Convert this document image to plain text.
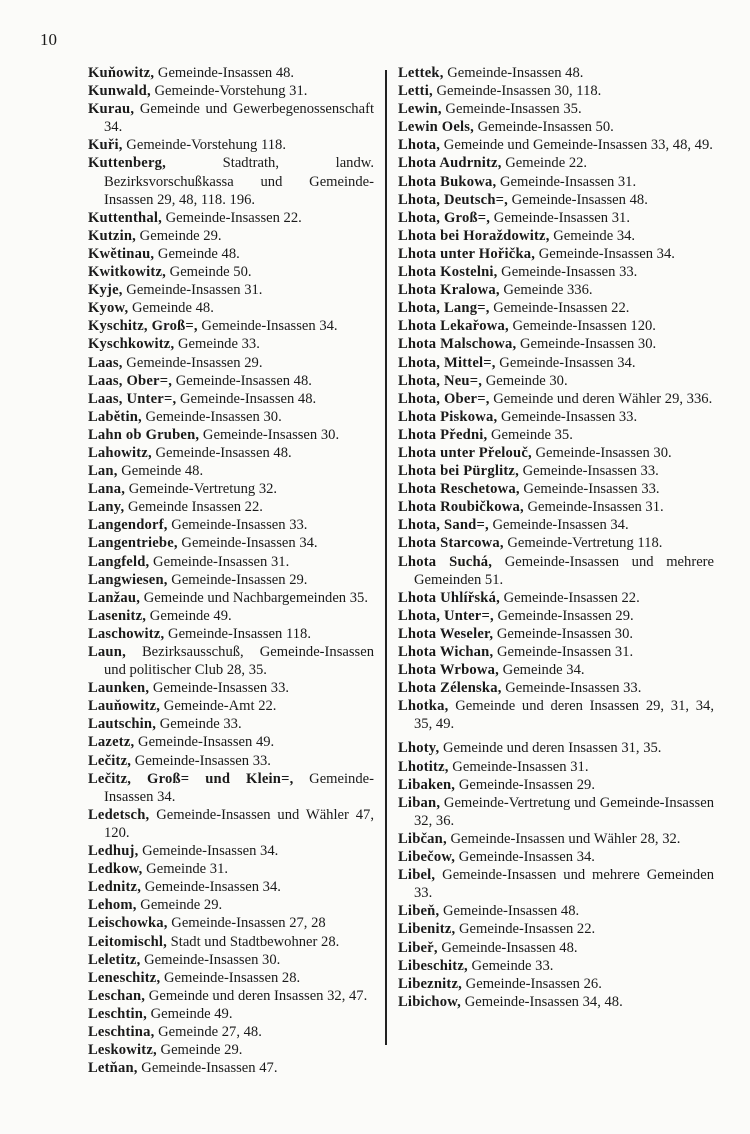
10
Kuňowitz, Gemeinde-Insassen 48.
Kunwald, Gemeinde-Vorstehung 31.
Kurau, Gemeinde und Gewerbegenossenschaft 34.
Kuři, Gemeinde-Vorstehung 118.
Kuttenberg, Stadtrath, landw. Bezirksvorschußkassa und Gemeinde-Insassen 29, 48, 118. 196.
Kuttenthal, Gemeinde-Insassen 22.
Kutzin, Gemeinde 29.
Kwětinau, Gemeinde 48.
Kwitkowitz, Gemeinde 50.
Kyje, Gemeinde-Insassen 31.
Kyow, Gemeinde 48.
Kyschitz, Groß=, Gemeinde-Insassen 34.
Kyschkowitz, Gemeinde 33.
Laas, Gemeinde-Insassen 29.
Laas, Ober=, Gemeinde-Insassen 48.
Laas, Unter=, Gemeinde-Insassen 48.
Labětin, Gemeinde-Insassen 30.
Lahn ob Gruben, Gemeinde-Insassen 30.
Lahowitz, Gemeinde-Insassen 48.
Lan, Gemeinde 48.
Lana, Gemeinde-Vertretung 32.
Lany, Gemeinde Insassen 22.
Langendorf, Gemeinde-Insassen 33.
Langentriebe, Gemeinde-Insassen 34.
Langfeld, Gemeinde-Insassen 31.
Langwiesen, Gemeinde-Insassen 29.
Lanžau, Gemeinde und Nachbargemeinden 35.
Lasenitz, Gemeinde 49.
Laschowitz, Gemeinde-Insassen 118.
Laun, Bezirksausschuß, Gemeinde-Insassen und politischer Club 28, 35.
Launken, Gemeinde-Insassen 33.
Lauňowitz, Gemeinde-Amt 22.
Lautschin, Gemeinde 33.
Lazetz, Gemeinde-Insassen 49.
Lečitz, Gemeinde-Insassen 33.
Lečitz, Groß= und Klein=, Gemeinde-Insassen 34.
Ledetsch, Gemeinde-Insassen und Wähler 47, 120.
Ledhuj, Gemeinde-Insassen 34.
Ledkow, Gemeinde 31.
Lednitz, Gemeinde-Insassen 34.
Lehom, Gemeinde 29.
Leischowka, Gemeinde-Insassen 27, 28
Leitomischl, Stadt und Stadtbewohner 28.
Leletitz, Gemeinde-Insassen 30.
Leneschitz, Gemeinde-Insassen 28.
Leschan, Gemeinde und deren Insassen 32, 47.
Leschtin, Gemeinde 49.
Leschtina, Gemeinde 27, 48.
Leskowitz, Gemeinde 29.
Letňan, Gemeinde-Insassen 47.
Lettek, Gemeinde-Insassen 48.
Letti, Gemeinde-Insassen 30, 118.
Lewin, Gemeinde-Insassen 35.
Lewin Oels, Gemeinde-Insassen 50.
Lhota, Gemeinde und Gemeinde-Insassen 33, 48, 49.
Lhota Audrnitz, Gemeinde 22.
Lhota Bukowa, Gemeinde-Insassen 31.
Lhota, Deutsch=, Gemeinde-Insassen 48.
Lhota, Groß=, Gemeinde-Insassen 31.
Lhota bei Horaždowitz, Gemeinde 34.
Lhota unter Hořička, Gemeinde-Insassen 34.
Lhota Kostelni, Gemeinde-Insassen 33.
Lhota Kralowa, Gemeinde 336.
Lhota, Lang=, Gemeinde-Insassen 22.
Lhota Lekařowa, Gemeinde-Insassen 120.
Lhota Malschowa, Gemeinde-Insassen 30.
Lhota, Mittel=, Gemeinde-Insassen 34.
Lhota, Neu=, Gemeinde 30.
Lhota, Ober=, Gemeinde und deren Wähler 29, 336.
Lhota Piskowa, Gemeinde-Insassen 33.
Lhota Předni, Gemeinde 35.
Lhota unter Přelouč, Gemeinde-Insassen 30.
Lhota bei Pürglitz, Gemeinde-Insassen 33.
Lhota Reschetowa, Gemeinde-Insassen 33.
Lhota Roubičkowa, Gemeinde-Insassen 31.
Lhota, Sand=, Gemeinde-Insassen 34.
Lhota Starcowa, Gemeinde-Vertretung 118.
Lhota Suchá, Gemeinde-Insassen und mehrere Gemeinden 51.
Lhota Uhlířská, Gemeinde-Insassen 22.
Lhota, Unter=, Gemeinde-Insassen 29.
Lhota Weseler, Gemeinde-Insassen 30.
Lhota Wichan, Gemeinde-Insassen 31.
Lhota Wrbowa, Gemeinde 34.
Lhota Zélenska, Gemeinde-Insassen 33.
Lhotka, Gemeinde und deren Insassen 29, 31, 34, 35, 49.
Lhoty, Gemeinde und deren Insassen 31, 35.
Lhotitz, Gemeinde-Insassen 31.
Libaken, Gemeinde-Insassen 29.
Liban, Gemeinde-Vertretung und Gemeinde-Insassen 32, 36.
Libčan, Gemeinde-Insassen und Wähler 28, 32.
Libečow, Gemeinde-Insassen 34.
Libel, Gemeinde-Insassen und mehrere Gemeinden 33.
Libeň, Gemeinde-Insassen 48.
Libenitz, Gemeinde-Insassen 22.
Libeř, Gemeinde-Insassen 48.
Libeschitz, Gemeinde 33.
Libeznitz, Gemeinde-Insassen 26.
Libichow, Gemeinde-Insassen 34, 48.
